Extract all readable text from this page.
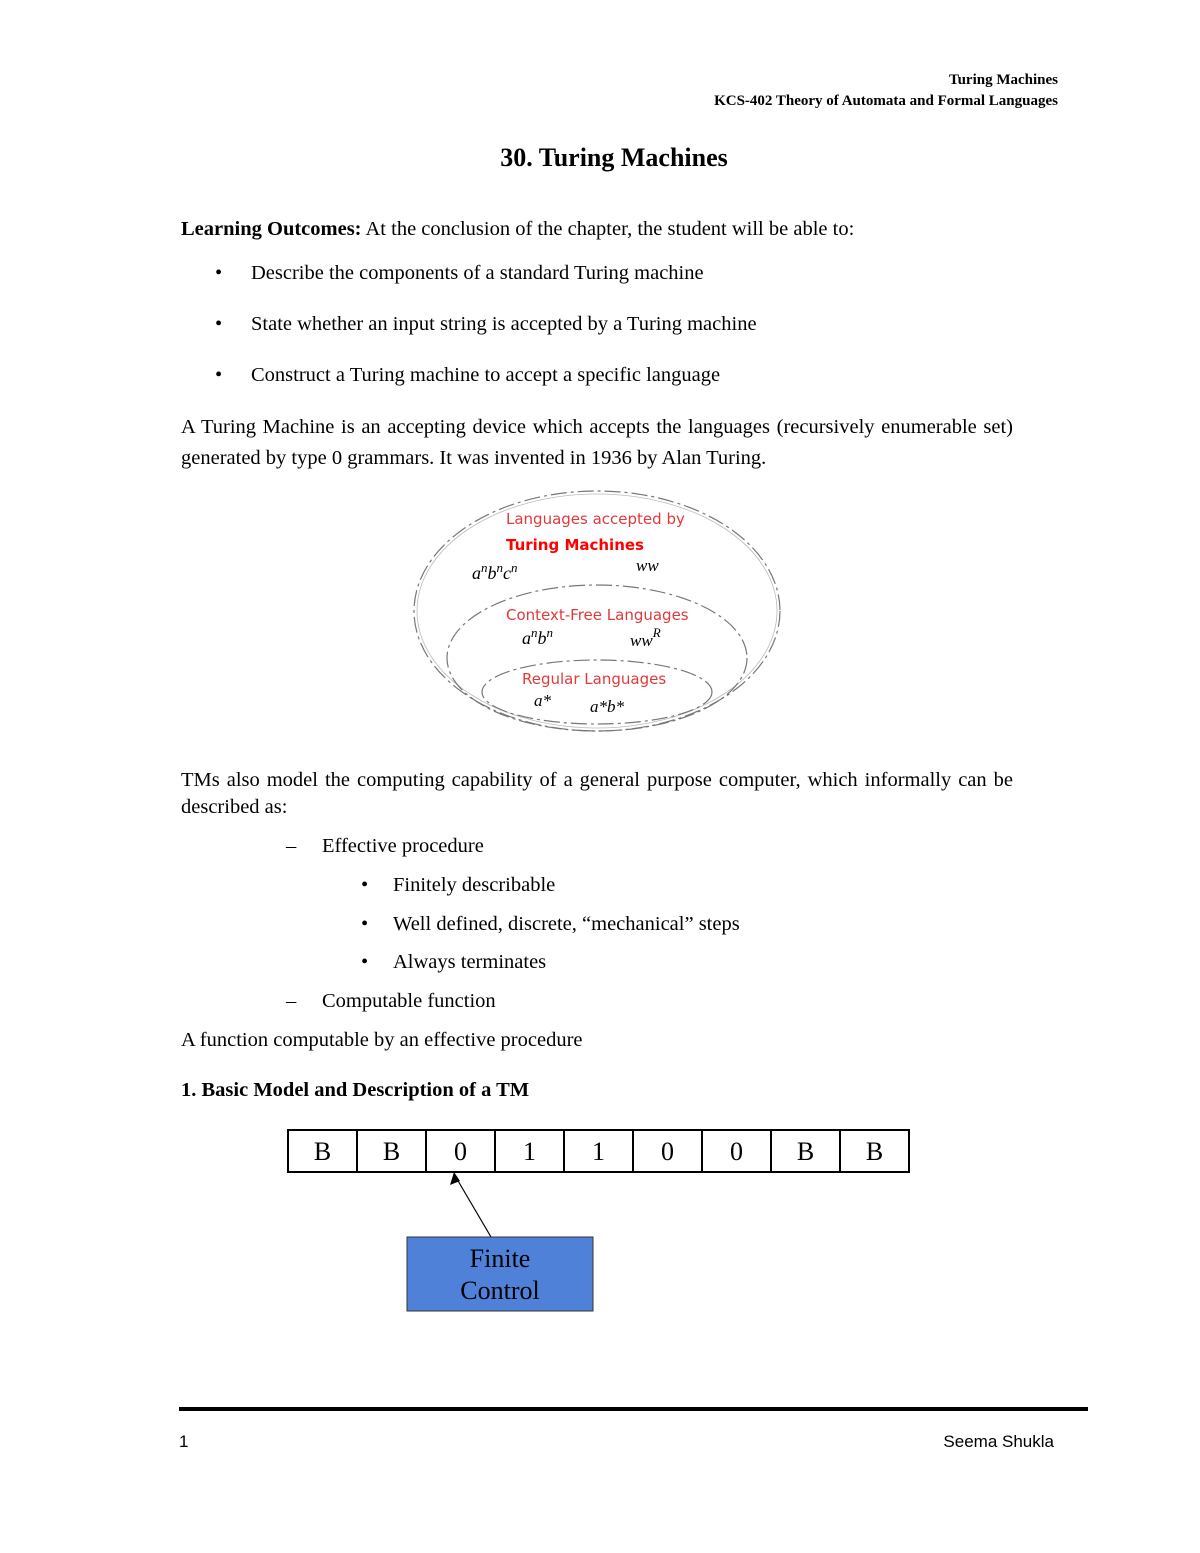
Turing Machines
KCS-402 Theory of Automata and Formal Languages
30. Turing Machines
Learning Outcomes: At the conclusion of the chapter, the student will be able to:
• Describe the components of a standard Turing machine
• State whether an input string is accepted by a Turing machine
• Construct a Turing machine to accept a specific language
A Turing Machine is an accepting device which accepts the languages (recursively enumerable set) generated by type 0 grammars. It was invented in 1936 by Alan Turing.
Languages accepted by
Turing Machines
$a^nb^nc^n$	ww
Context-Free Languages
$a^nb^n$	$ww^R$
Regular Languages
a* a*b*
TMs also model the computing capability of a general purpose computer, which informally can be described as:
– Effective procedure
• Finitely describable
• Well defined, discrete, “mechanical” steps
• Always terminates
– Computable function
A function computable by an effective procedure
1. Basic Model and Description of a TM
B B 0 1 1 0 0 B B
Finite
Control
1	Seema Shukla
